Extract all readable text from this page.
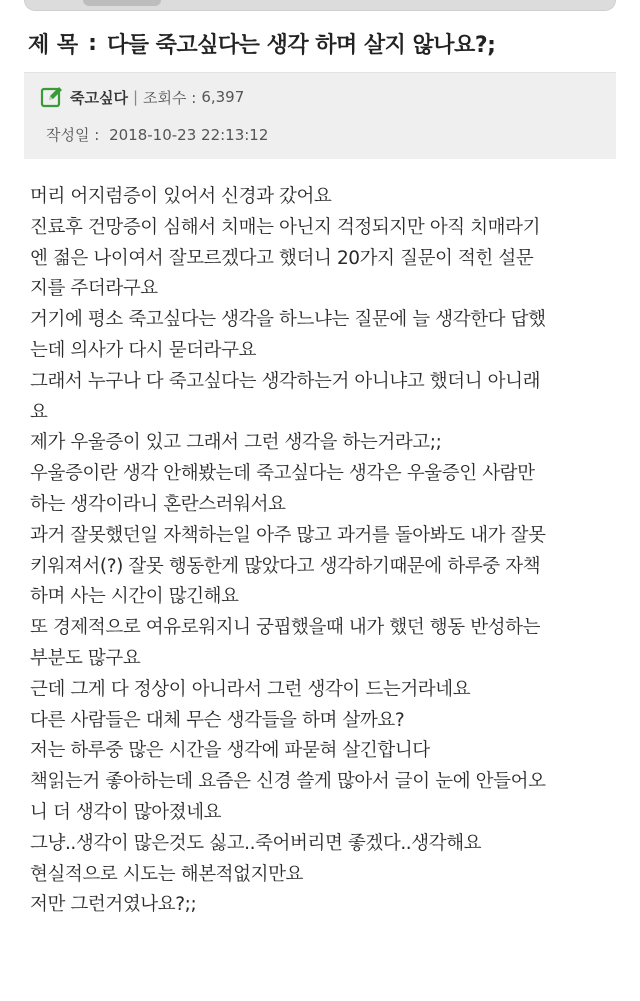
제 목 : 다들 죽고싶다는 생각 하며 살지 않나요?;
죽고싶다 | 조회수 : 6,397
작성일 : 2018-10-23 22:13:12
머리 어지럼증이 있어서 신경과 갔어요
진료후 건망증이 심해서 치매는 아닌지 걱정되지만 아직 치매라기
엔 젊은 나이여서 잘모르겠다고 했더니 20가지 질문이 적힌 설문
지를 주더라구요
거기에 평소 죽고싶다는 생각을 하느냐는 질문에 늘 생각한다 답했
는데 의사가 다시 묻더라구요
그래서 누구나 다 죽고싶다는 생각하는거 아니냐고 했더니 아니래
요
제가 우울증이 있고 그래서 그런 생각을 하는거라고;;
우울증이란 생각 안해봤는데 죽고싶다는 생각은 우울증인 사람만
하는 생각이라니 혼란스러워서요
과거 잘못했던일 자책하는일 아주 많고 과거를 돌아봐도 내가 잘못
키워져서(?) 잘못 행동한게 많았다고 생각하기때문에 하루중 자책
하며 사는 시간이 많긴해요
또 경제적으로 여유로워지니 궁핍했을때 내가 했던 행동 반성하는
부분도 많구요
근데 그게 다 정상이 아니라서 그런 생각이 드는거라네요
다른 사람들은 대체 무슨 생각들을 하며 살까요?
저는 하루중 많은 시간을 생각에 파묻혀 살긴합니다
책읽는거 좋아하는데 요즘은 신경 쓸게 많아서 글이 눈에 안들어오
니 더 생각이 많아졌네요
그냥..생각이 많은것도 싫고..죽어버리면 좋겠다..생각해요
현실적으로 시도는 해본적없지만요
저만 그런거였나요?;;
